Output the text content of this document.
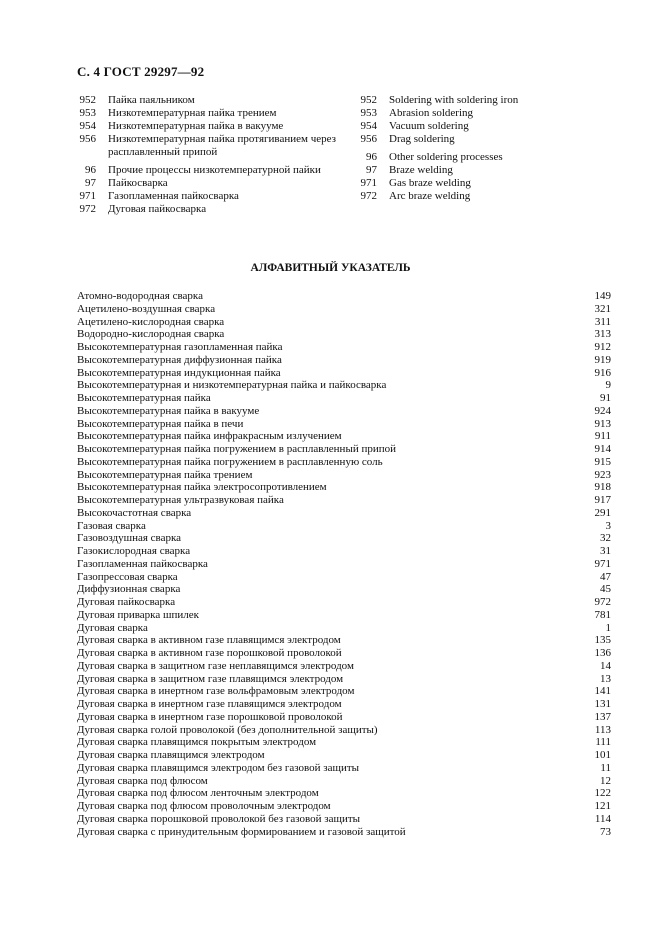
С. 4 ГОСТ 29297—92
952	Пайка паяльником
953	Низкотемпературная пайка трением
954	Низкотемпературная пайка в вакууме
956	Низкотемпературная пайка протягиванием через расплавленный припой
96	Прочие процессы низкотемпературной пайки
97	Пайкосварка
971	Газопламенная пайкосварка
972	Дуговая пайкосварка
952	Soldering with soldering iron
953	Abrasion soldering
954	Vacuum soldering
956	Drag soldering
96	Other soldering processes
97	Braze welding
971	Gas braze welding
972	Arc braze welding
АЛФАВИТНЫЙ УКАЗАТЕЛЬ
Атомно-водородная сварка	149
Ацетилено-воздушная сварка	321
Ацетилено-кислородная сварка	311
Водородно-кислородная сварка	313
Высокотемпературная газопламенная пайка	912
Высокотемпературная диффузионная пайка	919
Высокотемпературная индукционная пайка	916
Высокотемпературная и низкотемпературная пайка и пайкосварка	9
Высокотемпературная пайка	91
Высокотемпературная пайка в вакууме	924
Высокотемпературная пайка в печи	913
Высокотемпературная пайка инфракрасным излучением	911
Высокотемпературная пайка погружением в расплавленный припой	914
Высокотемпературная пайка погружением в расплавленную соль	915
Высокотемпературная пайка трением	923
Высокотемпературная пайка электросопротивлением	918
Высокотемпературная ультразвуковая пайка	917
Высокочастотная сварка	291
Газовая сварка	3
Газовоздушная сварка	32
Газокислородная сварка	31
Газопламенная пайкосварка	971
Газопрессовая сварка	47
Диффузионная сварка	45
Дуговая пайкосварка	972
Дуговая приварка шпилек	781
Дуговая сварка	1
Дуговая сварка в активном газе плавящимся электродом	135
Дуговая сварка в активном газе порошковой проволокой	136
Дуговая сварка в защитном газе неплавящимся электродом	14
Дуговая сварка в защитном газе плавящимся электродом	13
Дуговая сварка в инертном газе вольфрамовым электродом	141
Дуговая сварка в инертном газе плавящимся электродом	131
Дуговая сварка в инертном газе порошковой проволокой	137
Дуговая сварка голой проволокой (без дополнительной защиты)	113
Дуговая сварка плавящимся покрытым электродом	111
Дуговая сварка плавящимся электродом	101
Дуговая сварка плавящимся электродом без газовой защиты	11
Дуговая сварка под флюсом	12
Дуговая сварка под флюсом ленточным электродом	122
Дуговая сварка под флюсом проволочным электродом	121
Дуговая сварка порошковой проволокой без газовой защиты	114
Дуговая сварка с принудительным формированием и газовой защитой	73
